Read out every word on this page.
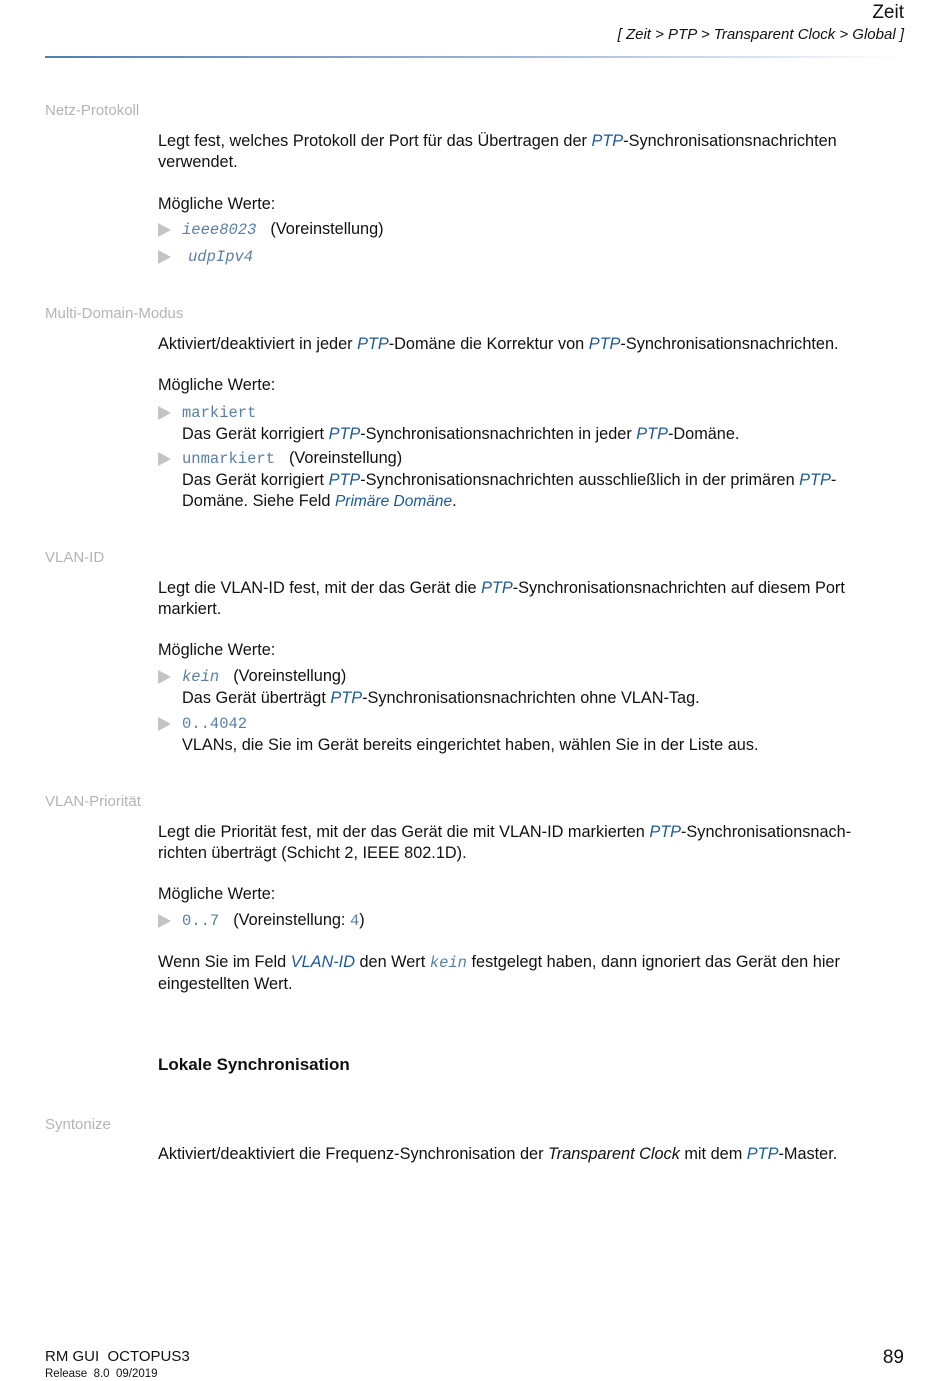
Zeit
[ Zeit > PTP > Transparent Clock > Global ]
Netz-Protokoll
Legt fest, welches Protokoll der Port für das Übertragen der PTP-Synchronisationsnachrichten
verwendet.
Mögliche Werte:
ieee8023 (Voreinstellung)
udpIpv4
Multi-Domain-Modus
Aktiviert/deaktiviert in jeder PTP-Domäne die Korrektur von PTP-Synchronisationsnachrichten.
Mögliche Werte:
markiert
Das Gerät korrigiert PTP-Synchronisationsnachrichten in jeder PTP-Domäne.
unmarkiert (Voreinstellung)
Das Gerät korrigiert PTP-Synchronisationsnachrichten ausschließlich in der primären PTP-
Domäne. Siehe Feld Primäre Domäne.
VLAN-ID
Legt die VLAN-ID fest, mit der das Gerät die PTP-Synchronisationsnachrichten auf diesem Port
markiert.
Mögliche Werte:
kein (Voreinstellung)
Das Gerät überträgt PTP-Synchronisationsnachrichten ohne VLAN-Tag.
0..4042
VLANs, die Sie im Gerät bereits eingerichtet haben, wählen Sie in der Liste aus.
VLAN-Priorität
Legt die Priorität fest, mit der das Gerät die mit VLAN-ID markierten PTP-Synchronisationsnach-
richten überträgt (Schicht 2, IEEE 802.1D).
Mögliche Werte:
0..7 (Voreinstellung: 4)
Wenn Sie im Feld VLAN-ID den Wert kein festgelegt haben, dann ignoriert das Gerät den hier
eingestellten Wert.
Lokale Synchronisation
Syntonize
Aktiviert/deaktiviert die Frequenz-Synchronisation der Transparent Clock mit dem PTP-Master.
RM GUI  OCTOPUS3
Release  8.0  09/2019
89
